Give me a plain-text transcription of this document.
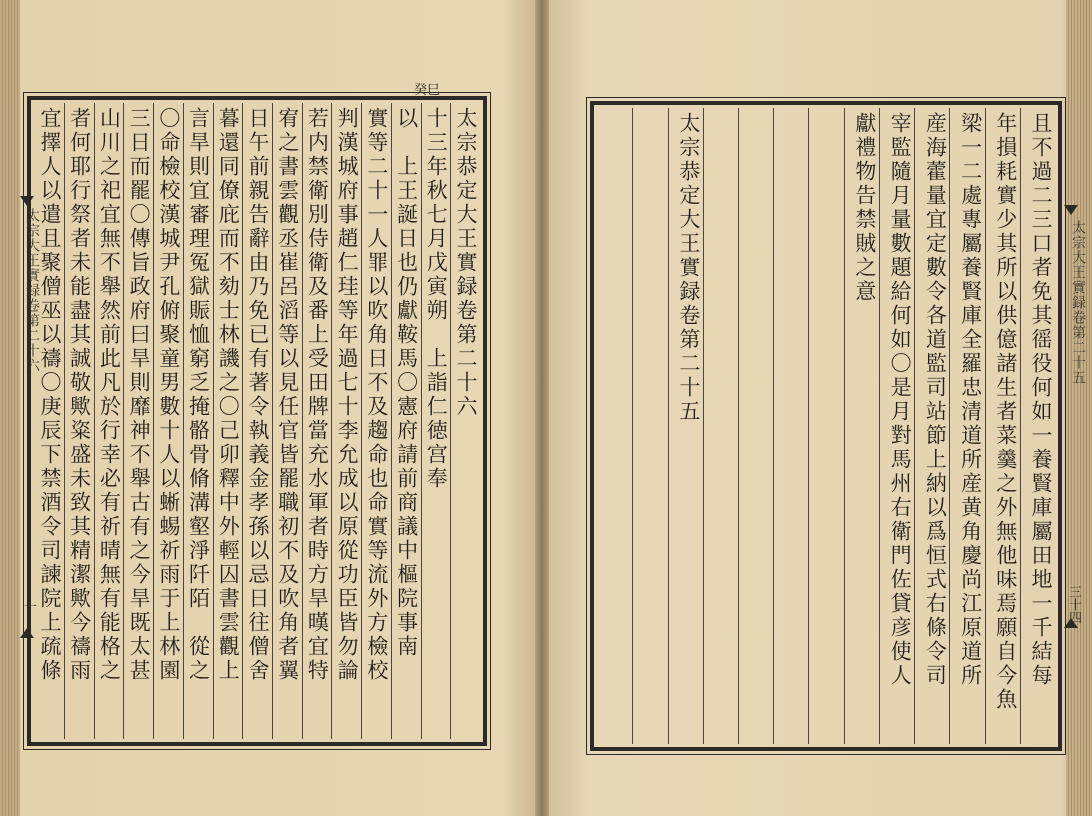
癸巳
太宗恭定大王實録卷第二十六
十三年秋七月戊寅朔　上詣仁徳宫奉
以　上王誕日也仍獻鞍馬〇憲府請前商議中樞院事南
實等二十一人罪以吹角日不及趨命也命實等流外方檢校
判漢城府事趙仁珪等年過七十李允成以原從功臣皆勿論
若内禁衛別侍衛及番上受田牌當充水軍者時方旱暵宜特
宥之書雲觀丞崔呂滔等以見任官皆罷職初不及吹角者翼
日午前親告辭由乃免已有著令執義金孝孫以忌日往僧舍
暮還同僚庇而不劾士林譏之〇己卯釋中外輕囚書雲觀上
言旱則宜審理冤獄賑恤窮乏掩骼骨脩溝壑淨阡陌　從之
〇命檢校漢城尹孔俯聚童男數十人以蜥蜴祈雨于上林園
三日而罷〇傳旨政府曰旱則靡神不舉古有之今旱既太甚
山川之祀宜無不舉然前此凡於行幸必有祈晴無有能格之
者何耶行祭者未能盡其誠敬歟粢盛未致其精潔歟今禱雨
宜擇人以遣且聚僧巫以禱〇庚辰下禁酒令司諫院上疏條
太宗大王實録卷第二十六
一	且不過二三口者免其徭役何如一養賢庫屬田地一千結每
年損耗實少其所以供億諸生者菜羹之外無他味焉願自今魚
梁一二處專屬養賢庫全羅忠清道所産黄角慶尚江原道所
産海藿量宜定數令各道監司站節上納以爲恒式右條令司
宰監隨月量數題給何如〇是月對馬州右衛門佐貸彦使人
獻禮物告禁賊之意
太宗恭定大王實録卷第二十五	太宗大王實録卷第二十五
三十四
